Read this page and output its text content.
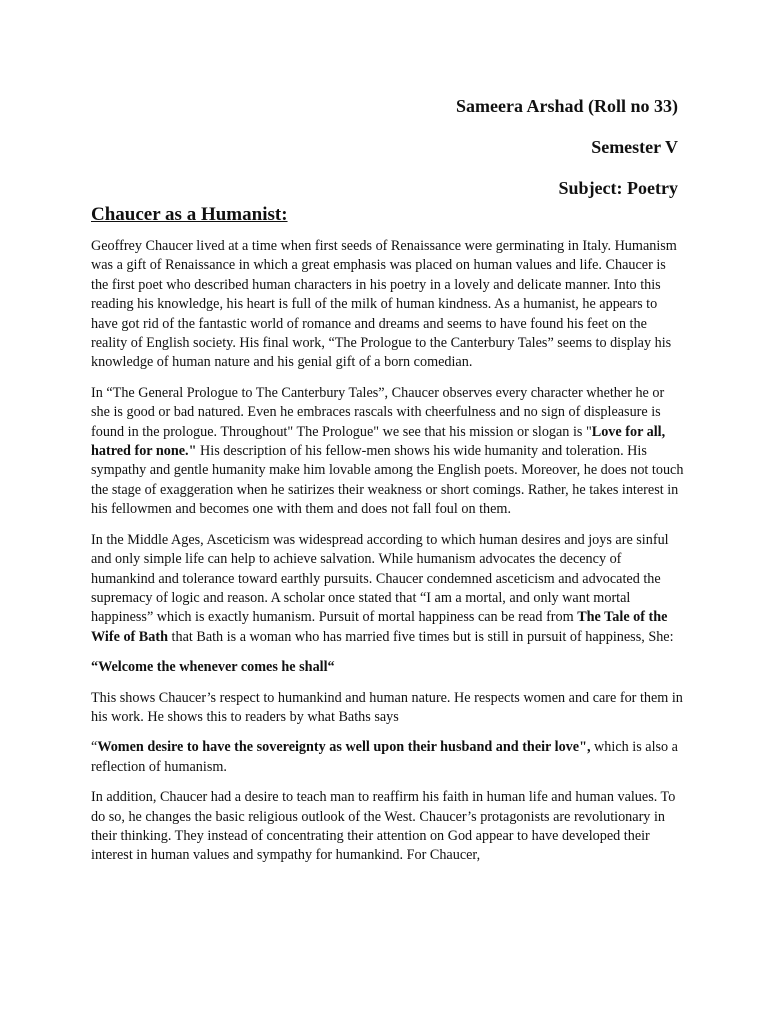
Sameera Arshad (Roll no 33)
Semester V
Subject: Poetry
Chaucer as a Humanist:

Geoffrey Chaucer lived at a time when first seeds of Renaissance were germinating in Italy. Humanism was a gift of Renaissance in which a great emphasis was placed on human values and life. Chaucer is the first poet who described human characters in his poetry in a lovely and delicate manner. Into this reading his knowledge, his heart is full of the milk of human kindness. As a humanist, he appears to have got rid of the fantastic world of romance and dreams and seems to have found his feet on the reality of English society. His final work, “The Prologue to the Canterbury Tales” seems to display his knowledge of human nature and his genial gift of a born comedian.

In “The General Prologue to The Canterbury Tales”, Chaucer observes every character whether he or she is good or bad natured. Even he embraces rascals with cheerfulness and no sign of displeasure is found in the prologue. Throughout" The Prologue" we see that his mission or slogan is "Love for all, hatred for none." His description of his fellow-men shows his wide humanity and toleration. His sympathy and gentle humanity make him lovable among the English poets. Moreover, he does not touch the stage of exaggeration when he satirizes their weakness or short comings. Rather, he takes interest in his fellowmen and becomes one with them and does not fall foul on them.

In the Middle Ages, Asceticism was widespread according to which human desires and joys are sinful and only simple life can help to achieve salvation. While humanism advocates the decency of humankind and tolerance toward earthly pursuits. Chaucer condemned asceticism and advocated the supremacy of logic and reason. A scholar once stated that “I am a mortal, and only want mortal happiness” which is exactly humanism. Pursuit of mortal happiness can be read from The Tale of the Wife of Bath that Bath is a woman who has married five times but is still in pursuit of happiness, She:

“Welcome the whenever comes he shall“

This shows Chaucer’s respect to humankind and human nature. He respects women and care for them in his work. He shows this to readers by what Baths says

“Women desire to have the sovereignty as well upon their husband and their love", which is also a reflection of humanism.

In addition, Chaucer had a desire to teach man to reaffirm his faith in human life and human values. To do so, he changes the basic religious outlook of the West. Chaucer’s protagonists are revolutionary in their thinking. They instead of concentrating their attention on God appear to have developed their interest in human values and sympathy for humankind. For Chaucer,
